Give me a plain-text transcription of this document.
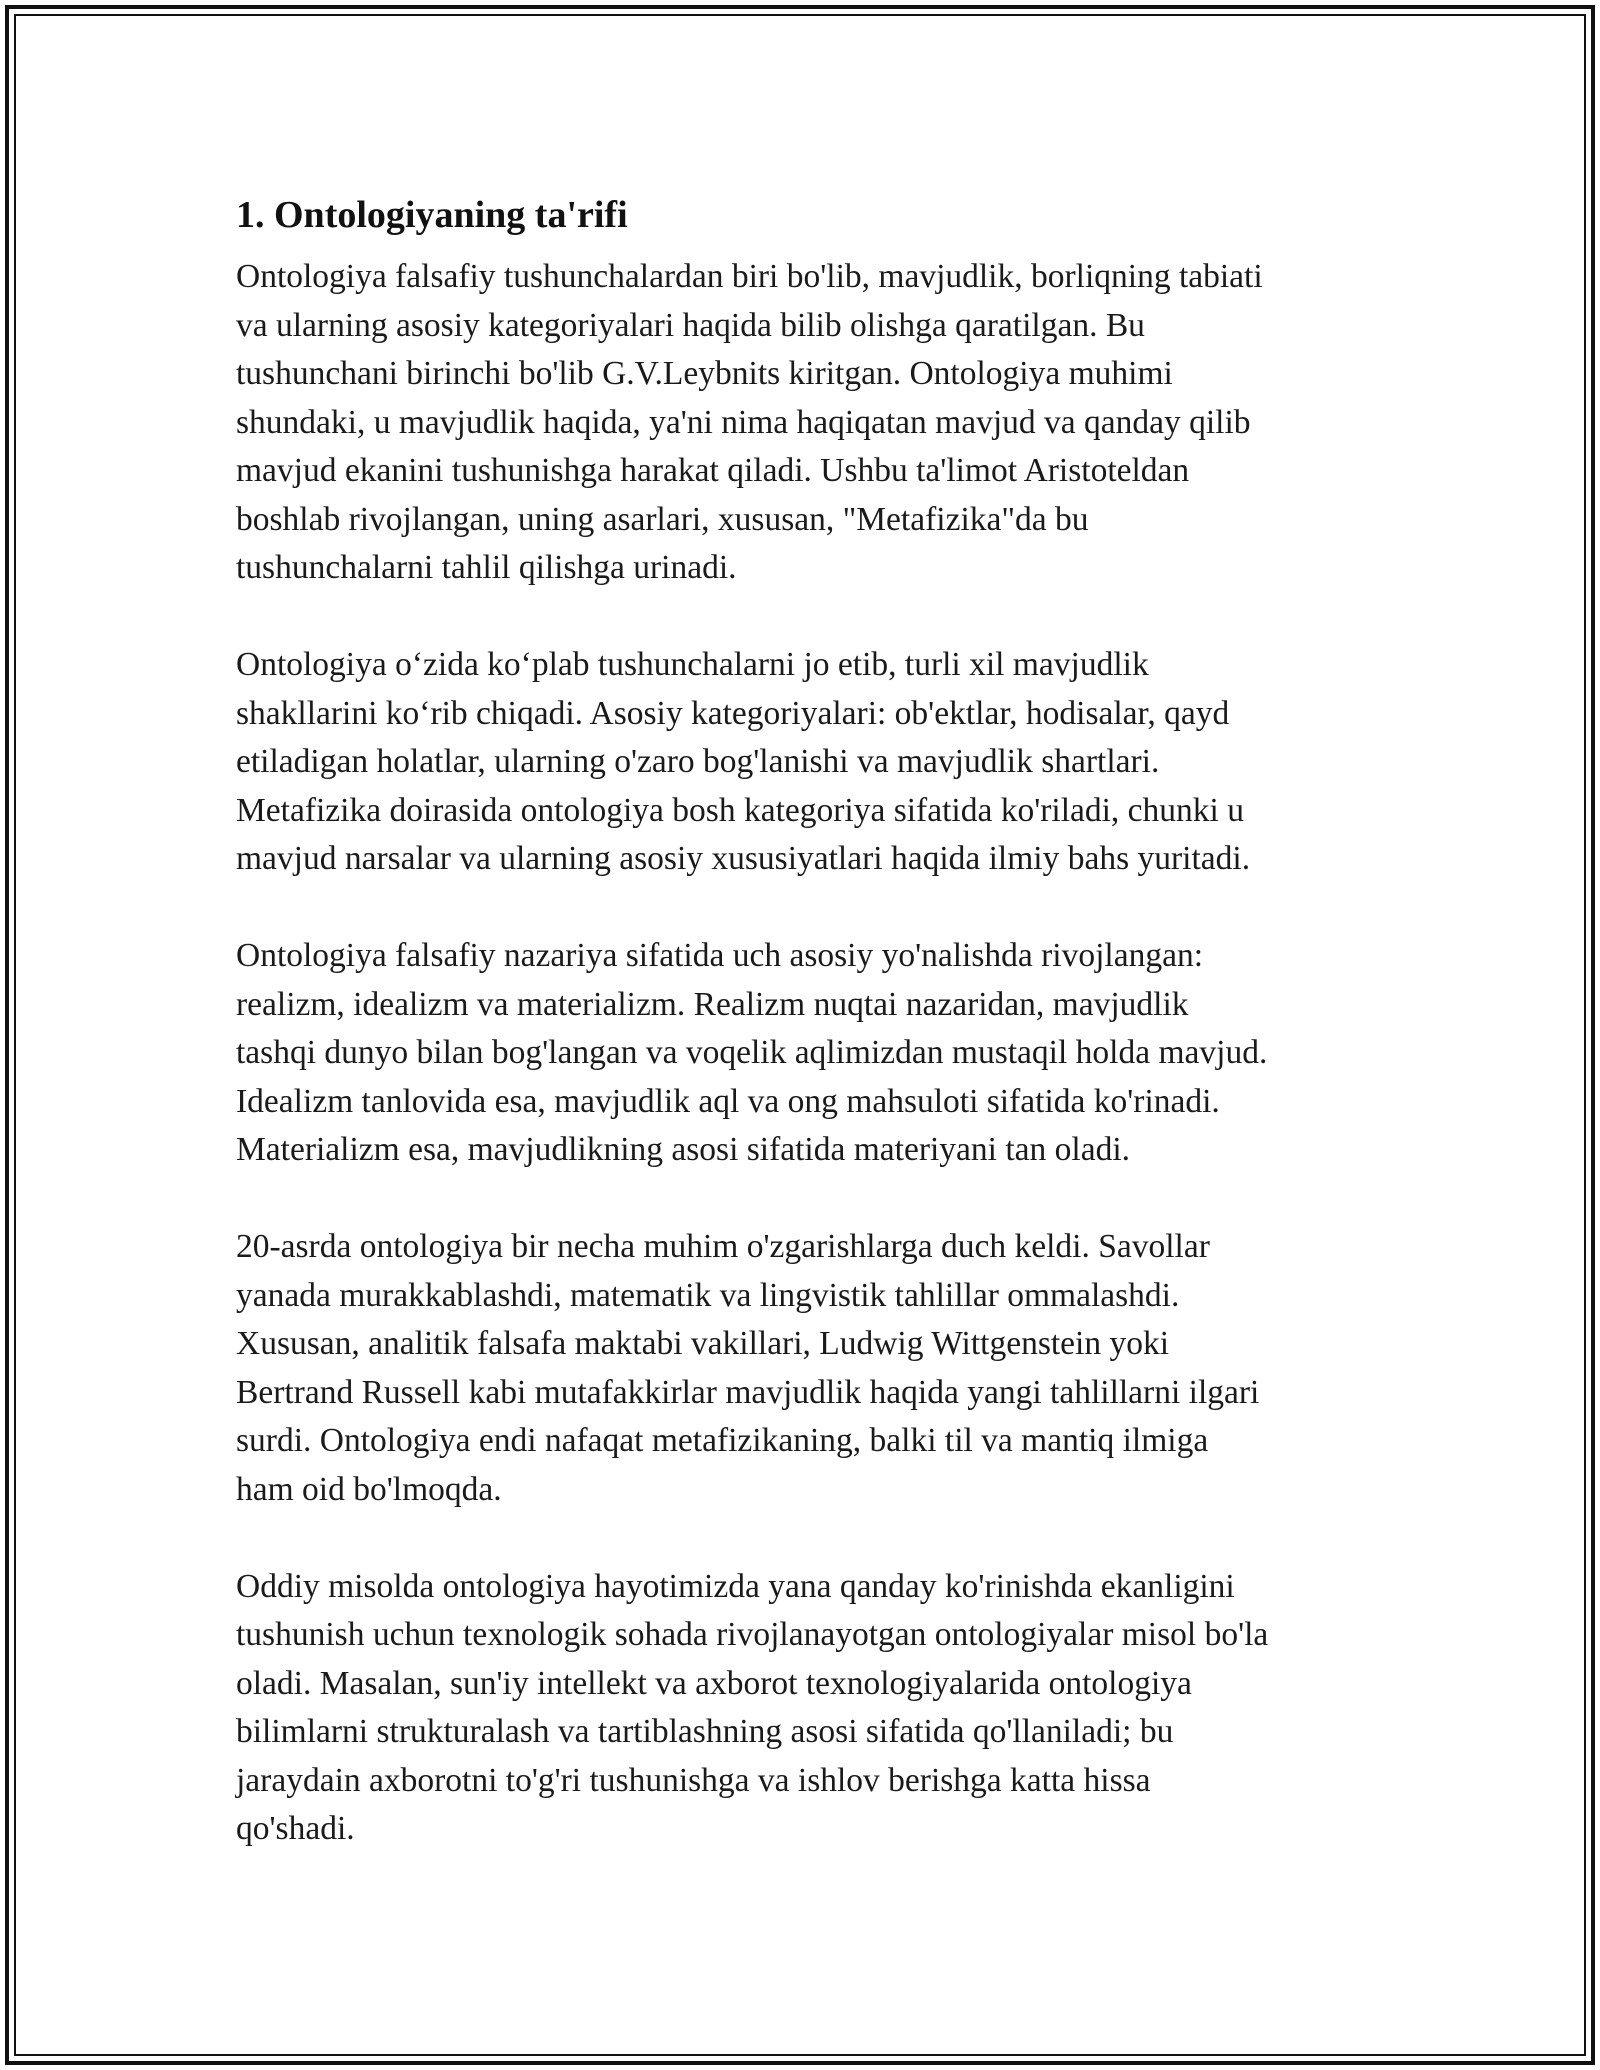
1. Ontologiyaning ta'rifi
Ontologiya falsafiy tushunchalardan biri bo'lib, mavjudlik, borliqning tabiati
va ularning asosiy kategoriyalari haqida bilib olishga qaratilgan. Bu
tushunchani birinchi bo'lib G.V.Leybnits kiritgan. Ontologiya muhimi
shundaki, u mavjudlik haqida, ya'ni nima haqiqatan mavjud va qanday qilib
mavjud ekanini tushunishga harakat qiladi. Ushbu ta'limot Aristoteldan
boshlab rivojlangan, uning asarlari, xususan, "Metafizika"da bu
tushunchalarni tahlil qilishga urinadi.
Ontologiya o‘zida ko‘plab tushunchalarni jo etib, turli xil mavjudlik
shakllarini ko‘rib chiqadi. Asosiy kategoriyalari: ob'ektlar, hodisalar, qayd
etiladigan holatlar, ularning o'zaro bog'lanishi va mavjudlik shartlari.
Metafizika doirasida ontologiya bosh kategoriya sifatida ko'riladi, chunki u
mavjud narsalar va ularning asosiy xususiyatlari haqida ilmiy bahs yuritadi.
Ontologiya falsafiy nazariya sifatida uch asosiy yo'nalishda rivojlangan:
realizm, idealizm va materializm. Realizm nuqtai nazaridan, mavjudlik
tashqi dunyo bilan bog'langan va voqelik aqlimizdan mustaqil holda mavjud.
Idealizm tanlovida esa, mavjudlik aql va ong mahsuloti sifatida ko'rinadi.
Materializm esa, mavjudlikning asosi sifatida materiyani tan oladi.
20-asrda ontologiya bir necha muhim o'zgarishlarga duch keldi. Savollar
yanada murakkablashdi, matematik va lingvistik tahlillar ommalashdi.
Xususan, analitik falsafa maktabi vakillari, Ludwig Wittgenstein yoki
Bertrand Russell kabi mutafakkirlar mavjudlik haqida yangi tahlillarni ilgari
surdi. Ontologiya endi nafaqat metafizikaning, balki til va mantiq ilmiga
ham oid bo'lmoqda.
Oddiy misolda ontologiya hayotimizda yana qanday ko'rinishda ekanligini
tushunish uchun texnologik sohada rivojlanayotgan ontologiyalar misol bo'la
oladi. Masalan, sun'iy intellekt va axborot texnologiyalarida ontologiya
bilimlarni strukturalash va tartiblashning asosi sifatida qo'llaniladi; bu
jaraydain axborotni to'g'ri tushunishga va ishlov berishga katta hissa
qo'shadi.
